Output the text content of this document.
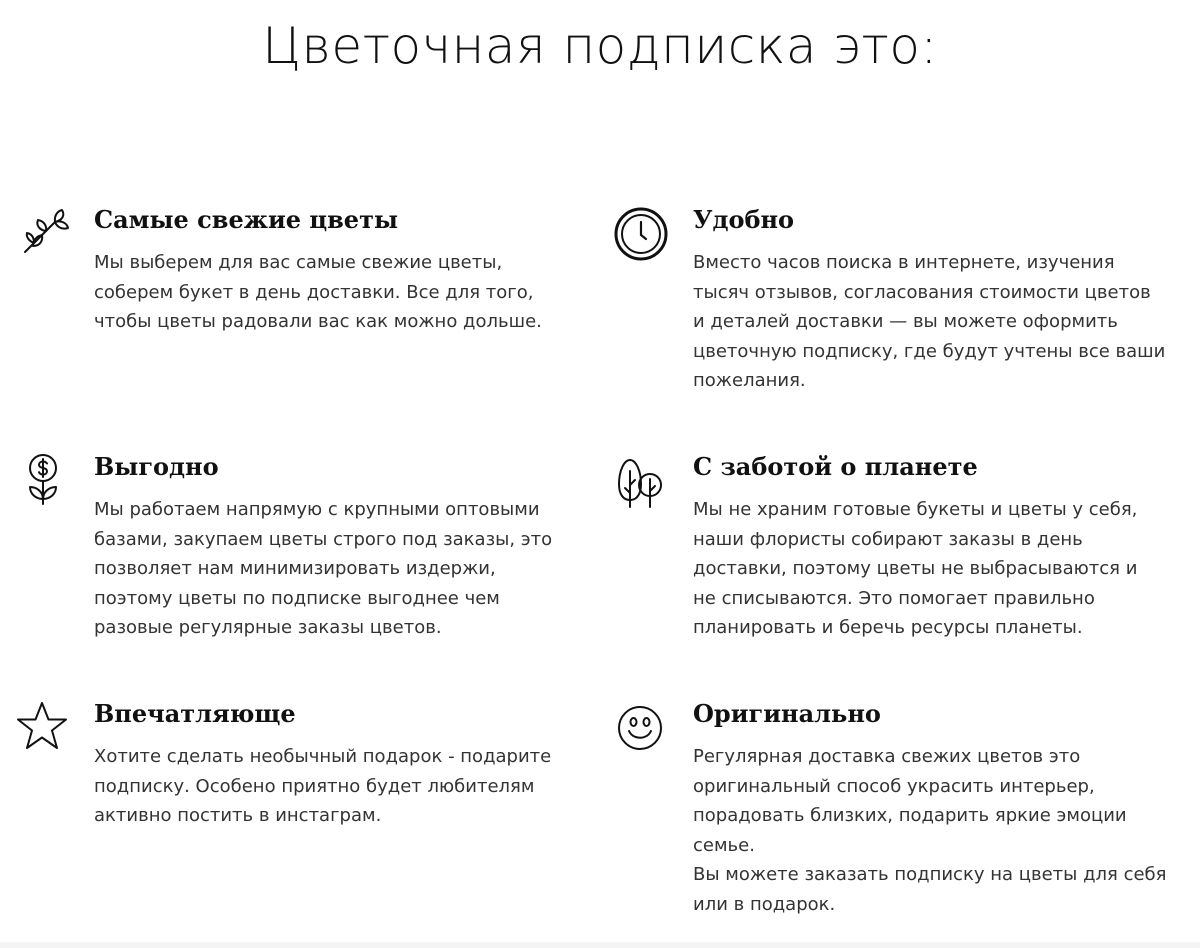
Цветочная подписка это:
Самые свежие цветы

Мы выберем для вас самые свежие цветы,
соберем букет в день доставки. Все для того,
чтобы цветы радовали вас как можно дольше.

Удобно

Вместо часов поиска в интернете, изучения
тысяч отзывов, согласования стоимости цветов
и деталей доставки — вы можете оформить
цветочную подписку, где будут учтены все ваши
пожелания.

Выгодно

Мы работаем напрямую с крупными оптовыми
базами, закупаем цветы строго под заказы, это
позволяет нам минимизировать издержи,
поэтому цветы по подписке выгоднее чем
разовые регулярные заказы цветов.

С заботой о планете

Мы не храним готовые букеты и цветы у себя,
наши флористы собирают заказы в день
доставки, поэтому цветы не выбрасываются и
не списываются. Это помогает правильно
планировать и беречь ресурсы планеты.

Впечатляюще

Хотите сделать необычный подарок - подарите
подписку. Особено приятно будет любителям
активно постить в инстаграм.

Оригинально

Регулярная доставка свежих цветов это
оригинальный способ украсить интерьер,
порадовать близких, подарить яркие эмоции
семье.
Вы можете заказать подписку на цветы для себя
или в подарок.
